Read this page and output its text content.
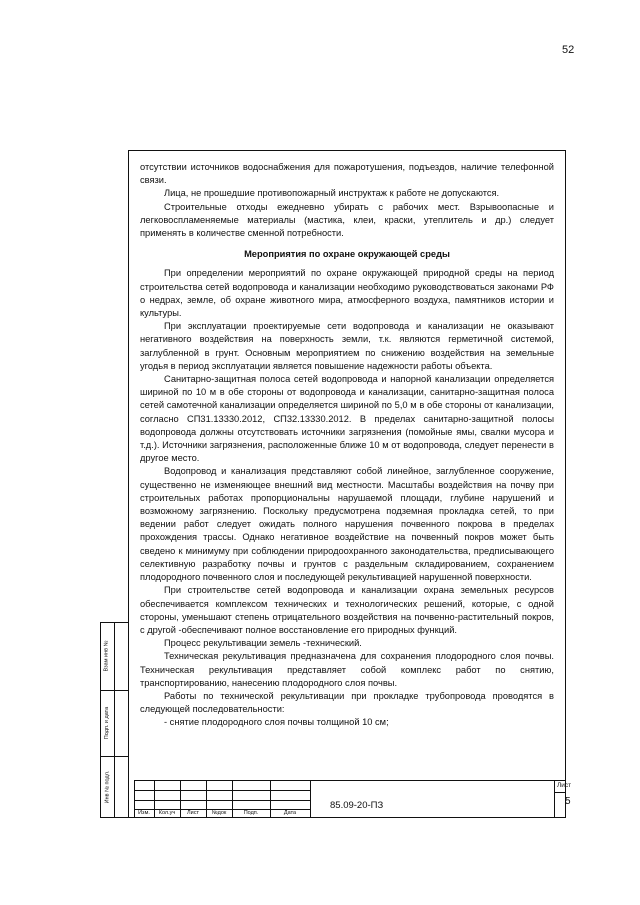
52

отсутствии источников водоснабжения для пожаротушения, подъездов, наличие телефонной связи.

Лица, не прошедшие противопожарный инструктаж к работе не допускаются.

Строительные отходы ежедневно убирать с рабочих мест. Взрывоопасные и легковоспламеняемые материалы (мастика, клеи, краски, утеплитель и др.) следует применять в количестве сменной потребности.

Мероприятия по охране окружающей среды

При определении мероприятий по охране окружающей природной среды на период строительства сетей водопровода и канализации необходимо руководствоваться законами РФ о недрах, земле, об охране животного мира, атмосферного воздуха, памятников истории и культуры.

При эксплуатации проектируемые сети водопровода и канализации не оказывают негативного воздействия на поверхность земли, т.к. являются герметичной системой, заглубленной в грунт. Основным мероприятием по снижению воздействия на земельные угодья в период эксплуатации является повышение надежности работы объекта.

Санитарно-защитная полоса сетей водопровода и напорной канализации определяется шириной по 10 м в обе стороны от водопровода и канализации, санитарно-защитная полоса сетей самотечной канализации определяется шириной по 5,0 м в обе стороны от канализации, согласно СП31.13330.2012, СП32.13330.2012. В пределах санитарно-защитной полосы водопровода должны отсутствовать источники загрязнения (помойные ямы, свалки мусора и т.д.). Источники загрязнения, расположенные ближе 10 м от водопровода, следует перенести в другое место.

Водопровод и канализация представляют собой линейное, заглубленное сооружение, существенно не изменяющее внешний вид местности. Масштабы воздействия на почву при строительных работах пропорциональны нарушаемой площади, глубине нарушений и возможному загрязнению. Поскольку предусмотрена подземная прокладка сетей, то при ведении работ следует ожидать полного нарушения почвенного покрова в пределах прохождения трассы. Однако негативное воздействие на почвенный покров может быть сведено к минимуму при соблюдении природоохранного законодательства, предписывающего селективную разработку почвы и грунтов с раздельным складированием, сохранением плодородного почвенного слоя и последующей рекультивацией нарушенной поверхности.

При строительстве сетей водопровода и канализации охрана земельных ресурсов обеспечивается комплексом технических и технологических решений, которые, с одной стороны, уменьшают степень отрицательного воздействия на почвенно-растительный покров, с другой -обеспечивают полное восстановление его природных функций.

Процесс рекультивации земель -технический.

Техническая рекультивация предназначена для сохранения плодородного слоя почвы. Техническая рекультивация представляет собой комплекс работ по снятию, транспортированию, нанесению плодородного слоя почвы.

Работы по технической рекультивации при прокладке трубопровода проводятся в следующей последовательности:

- снятие плодородного слоя почвы толщиной 10 см;

Взам инв №
Подп. и дата
Инв № подл.
Изм.	Кол.уч	Лист	№док	Подп.	Дата
85.09-20-ПЗ
Лист
5
